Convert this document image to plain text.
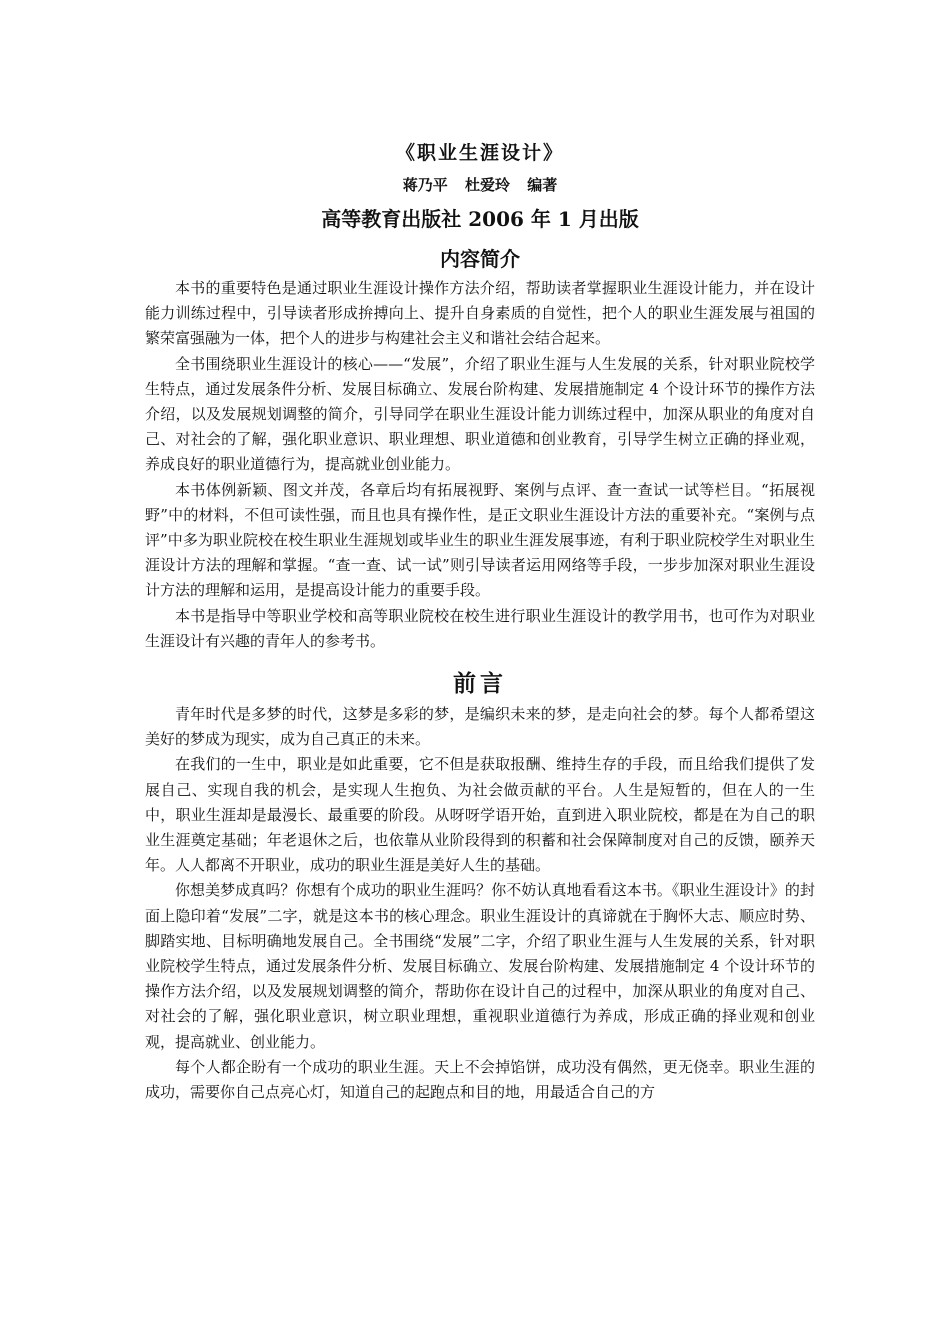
《职业生涯设计》

蒋乃平 杜爱玲 编著

高等教育出版社 2006 年 1 月出版

内容简介

本书的重要特色是通过职业生涯设计操作方法介绍，帮助读者掌握职业生涯设计能力，并在设计能力训练过程中，引导读者形成拚搏向上、提升自身素质的自觉性，把个人的职业生涯发展与祖国的繁荣富强融为一体，把个人的进步与构建社会主义和谐社会结合起来。

全书围绕职业生涯设计的核心——“发展”，介绍了职业生涯与人生发展的关系，针对职业院校学生特点，通过发展条件分析、发展目标确立、发展台阶构建、发展措施制定 4 个设计环节的操作方法介绍，以及发展规划调整的简介，引导同学在职业生涯设计能力训练过程中，加深从职业的角度对自己、对社会的了解，强化职业意识、职业理想、职业道德和创业教育，引导学生树立正确的择业观，养成良好的职业道德行为，提高就业创业能力。

本书体例新颖、图文并茂，各章后均有拓展视野、案例与点评、查一查试一试等栏目。“拓展视野”中的材料，不但可读性强，而且也具有操作性，是正文职业生涯设计方法的重要补充。“案例与点评”中多为职业院校在校生职业生涯规划或毕业生的职业生涯发展事迹，有利于职业院校学生对职业生涯设计方法的理解和掌握。“查一查、试一试”则引导读者运用网络等手段，一步步加深对职业生涯设计方法的理解和运用，是提高设计能力的重要手段。

本书是指导中等职业学校和高等职业院校在校生进行职业生涯设计的教学用书，也可作为对职业生涯设计有兴趣的青年人的参考书。

前言

青年时代是多梦的时代，这梦是多彩的梦，是编织未来的梦，是走向社会的梦。每个人都希望这美好的梦成为现实，成为自己真正的未来。

在我们的一生中，职业是如此重要，它不但是获取报酬、维持生存的手段，而且给我们提供了发展自己、实现自我的机会，是实现人生抱负、为社会做贡献的平台。人生是短暂的，但在人的一生中，职业生涯却是最漫长、最重要的阶段。从呀呀学语开始，直到进入职业院校，都是在为自己的职业生涯奠定基础；年老退休之后，也依靠从业阶段得到的积蓄和社会保障制度对自己的反馈，颐养天年。人人都离不开职业，成功的职业生涯是美好人生的基础。

你想美梦成真吗？你想有个成功的职业生涯吗？你不妨认真地看看这本书。《职业生涯设计》的封面上隐印着“发展”二字，就是这本书的核心理念。职业生涯设计的真谛就在于胸怀大志、顺应时势、脚踏实地、目标明确地发展自己。全书围绕“发展”二字，介绍了职业生涯与人生发展的关系，针对职业院校学生特点，通过发展条件分析、发展目标确立、发展台阶构建、发展措施制定 4 个设计环节的操作方法介绍，以及发展规划调整的简介，帮助你在设计自己的过程中，加深从职业的角度对自己、对社会的了解，强化职业意识，树立职业理想，重视职业道德行为养成，形成正确的择业观和创业观，提高就业、创业能力。

每个人都企盼有一个成功的职业生涯。天上不会掉馅饼，成功没有偶然，更无侥幸。职业生涯的成功，需要你自己点亮心灯，知道自己的起跑点和目的地，用最适合自己的方
